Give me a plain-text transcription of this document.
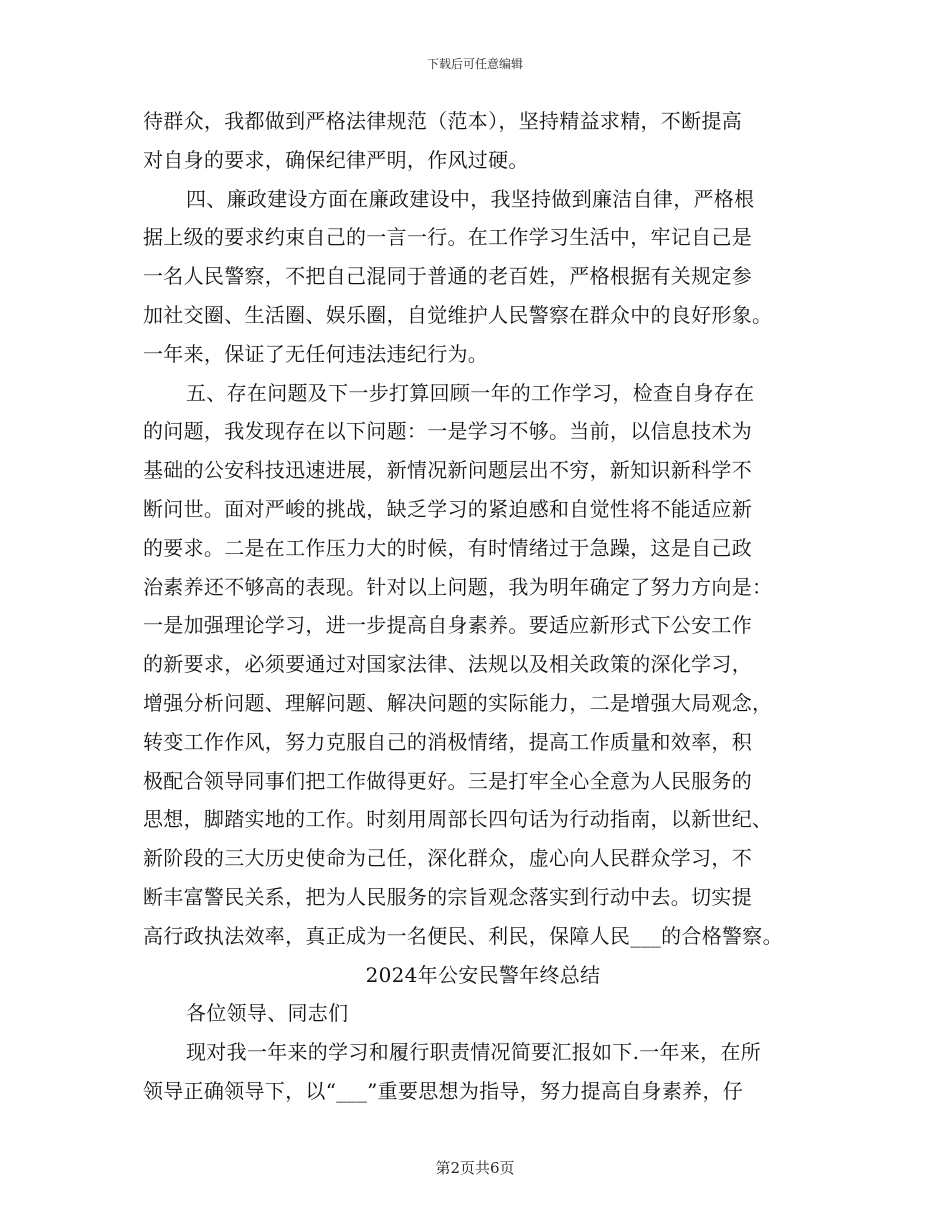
下载后可任意编辑
待群众，我都做到严格法律规范（范本），坚持精益求精，不断提高
对自身的要求，确保纪律严明，作风过硬。
四、廉政建设方面在廉政建设中，我坚持做到廉洁自律，严格根
据上级的要求约束自己的一言一行。在工作学习生活中，牢记自己是
一名人民警察，不把自己混同于普通的老百姓，严格根据有关规定参
加社交圈、生活圈、娱乐圈，自觉维护人民警察在群众中的良好形象。
一年来，保证了无任何违法违纪行为。
五、存在问题及下一步打算回顾一年的工作学习，检查自身存在
的问题，我发现存在以下问题：一是学习不够。当前，以信息技术为
基础的公安科技迅速进展，新情况新问题层出不穷，新知识新科学不
断问世。面对严峻的挑战，缺乏学习的紧迫感和自觉性将不能适应新
的要求。二是在工作压力大的时候，有时情绪过于急躁，这是自己政
治素养还不够高的表现。针对以上问题，我为明年确定了努力方向是：
一是加强理论学习，进一步提高自身素养。要适应新形式下公安工作
的新要求，必须要通过对国家法律、法规以及相关政策的深化学习，
增强分析问题、理解问题、解决问题的实际能力，二是增强大局观念，
转变工作作风，努力克服自己的消极情绪，提高工作质量和效率，积
极配合领导同事们把工作做得更好。三是打牢全心全意为人民服务的
思想，脚踏实地的工作。时刻用周部长四句话为行动指南，以新世纪、
新阶段的三大历史使命为己任，深化群众，虚心向人民群众学习，不
断丰富警民关系，把为人民服务的宗旨观念落实到行动中去。切实提
高行政执法效率，真正成为一名便民、利民，保障人民___的合格警察。
2024年公安民警年终总结
各位领导、同志们
现对我一年来的学习和履行职责情况简要汇报如下.一年来，在所
领导正确领导下，以“___”重要思想为指导，努力提高自身素养，仔
第2页共6页
